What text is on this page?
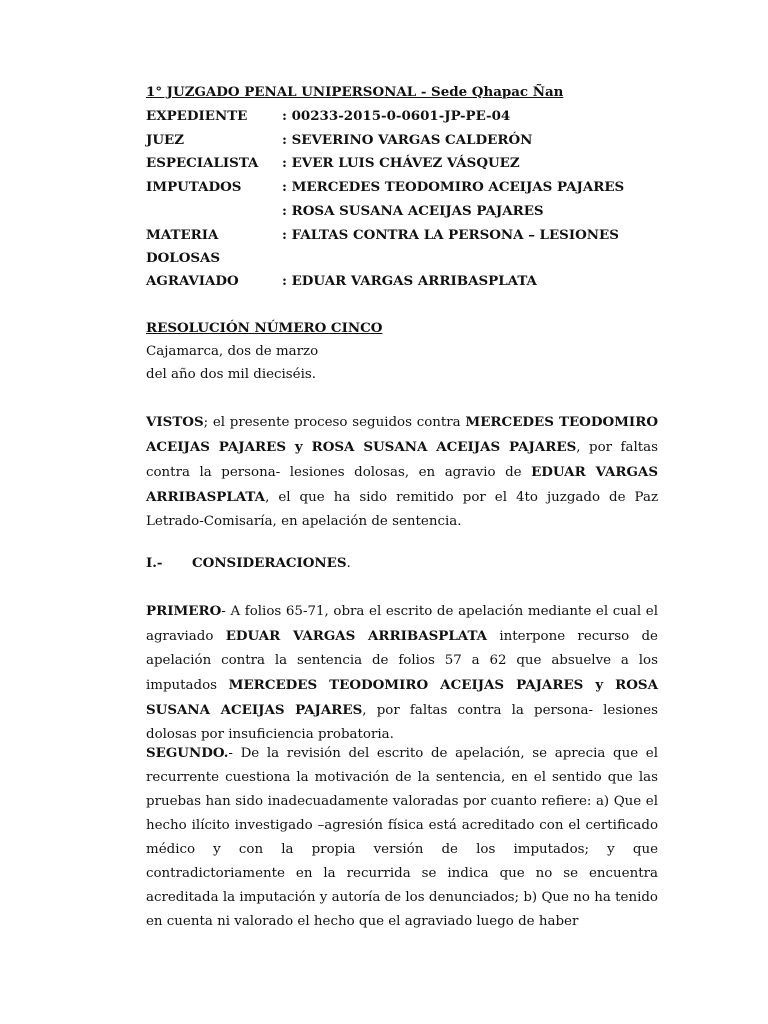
1° JUZGADO PENAL UNIPERSONAL - Sede Qhapac Ñan
EXPEDIENTE	: 00233-2015-0-0601-JP-PE-04
JUEZ	: SEVERINO VARGAS CALDERÓN
ESPECIALISTA : EVER LUIS CHÁVEZ VÁSQUEZ
IMPUTADOS	: MERCEDES TEODOMIRO ACEIJAS PAJARES
: ROSA SUSANA ACEIJAS PAJARES
MATERIA	: FALTAS CONTRA LA PERSONA – LESIONES
DOLOSAS
AGRAVIADO	: EDUAR VARGAS ARRIBASPLATA
RESOLUCIÓN NÚMERO CINCO
Cajamarca, dos de marzo
del año dos mil dieciséis.

VISTOS; el presente proceso seguidos contra MERCEDES TEODOMIRO ACEIJAS PAJARES y ROSA SUSANA ACEIJAS PAJARES, por faltas contra la persona- lesiones dolosas, en agravio de EDUAR VARGAS ARRIBASPLATA, el que ha sido remitido por el 4to juzgado de Paz Letrado-Comisaría, en apelación de sentencia.

I.- CONSIDERACIONES.

PRIMERO- A folios 65-71, obra el escrito de apelación mediante el cual el agraviado EDUAR VARGAS ARRIBASPLATA interpone recurso de apelación contra la sentencia de folios 57 a 62 que absuelve a los imputados MERCEDES TEODOMIRO ACEIJAS PAJARES y ROSA SUSANA ACEIJAS PAJARES, por faltas contra la persona- lesiones dolosas por insuficiencia probatoria.

SEGUNDO.- De la revisión del escrito de apelación, se aprecia que el recurrente cuestiona la motivación de la sentencia, en el sentido que las pruebas han sido inadecuadamente valoradas por cuanto refiere: a) Que el hecho ilícito investigado –agresión física está acreditado con el certificado médico y con la propia versión de los imputados; y que contradictoriamente en la recurrida se indica que no se encuentra acreditada la imputación y autoría de los denunciados; b) Que no ha tenido en cuenta ni valorado el hecho que el agraviado luego de haber
